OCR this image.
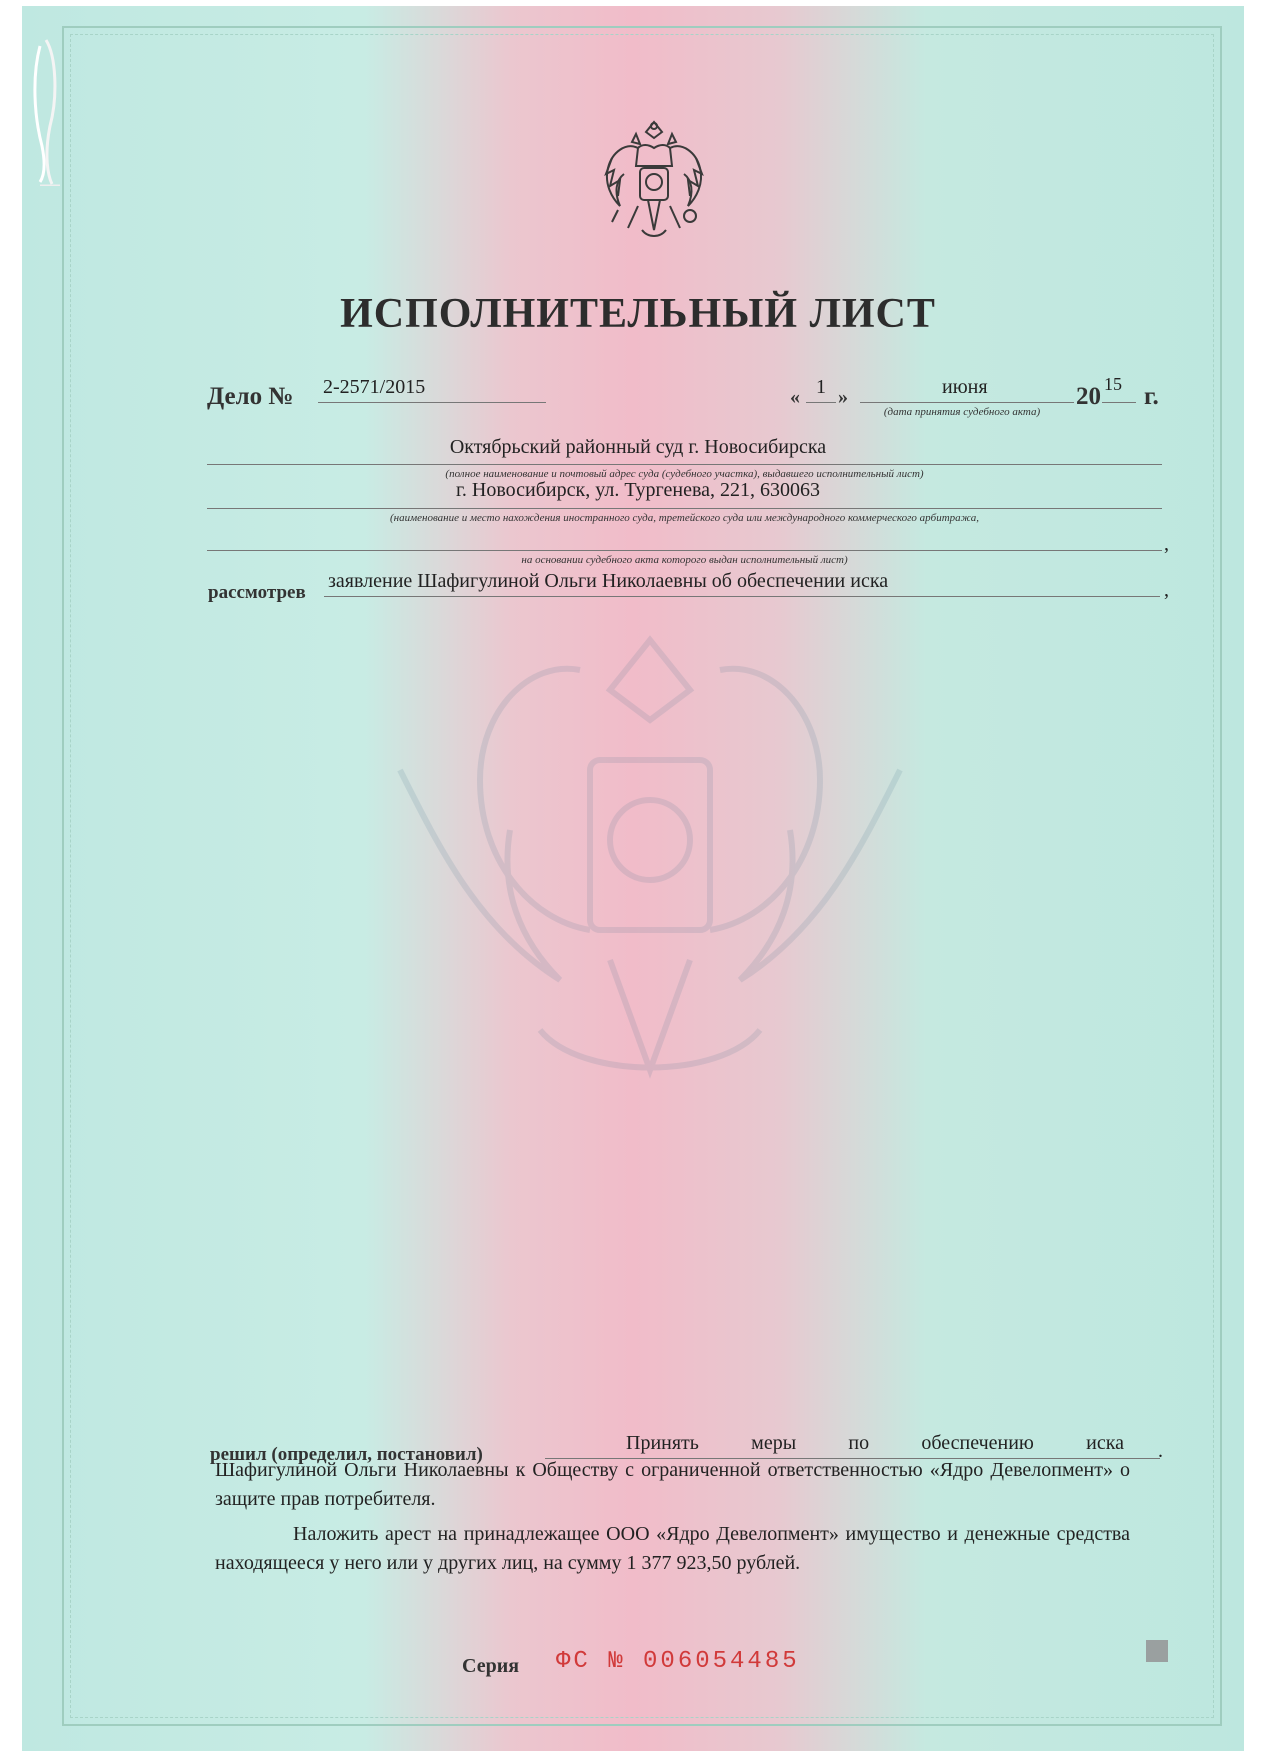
ИСПОЛНИТЕЛЬНЫЙ ЛИСТ
Дело № 2-2571/2015	« 1 »	июня	20 15 г.
(дата принятия судебного акта)
Октябрьский районный суд г. Новосибирска
(полное наименование и почтовый адрес суда (судебного участка), выдавшего исполнительный лист)
г. Новосибирск, ул. Тургенева, 221, 630063
(наименование и место нахождения иностранного суда, третейского суда или международного коммерческого арбитража,
,
на основании судебного акта которого выдан исполнительный лист)
рассмотрев
заявление Шафигулиной Ольги Николаевны об обеспечении иска	,
решил (определил, постановил)
Принять меры по обеспечению иска .
Шафигулиной Ольги Николаевны к Обществу с ограниченной ответственностью «Ядро Девелопмент» о защите прав потребителя.
Наложить арест на принадлежащее ООО «Ядро Девелопмент» имущество и денежные средства находящееся у него или у других лиц, на сумму 1 377 923,50 рублей.
Серия ФС № 006054485
